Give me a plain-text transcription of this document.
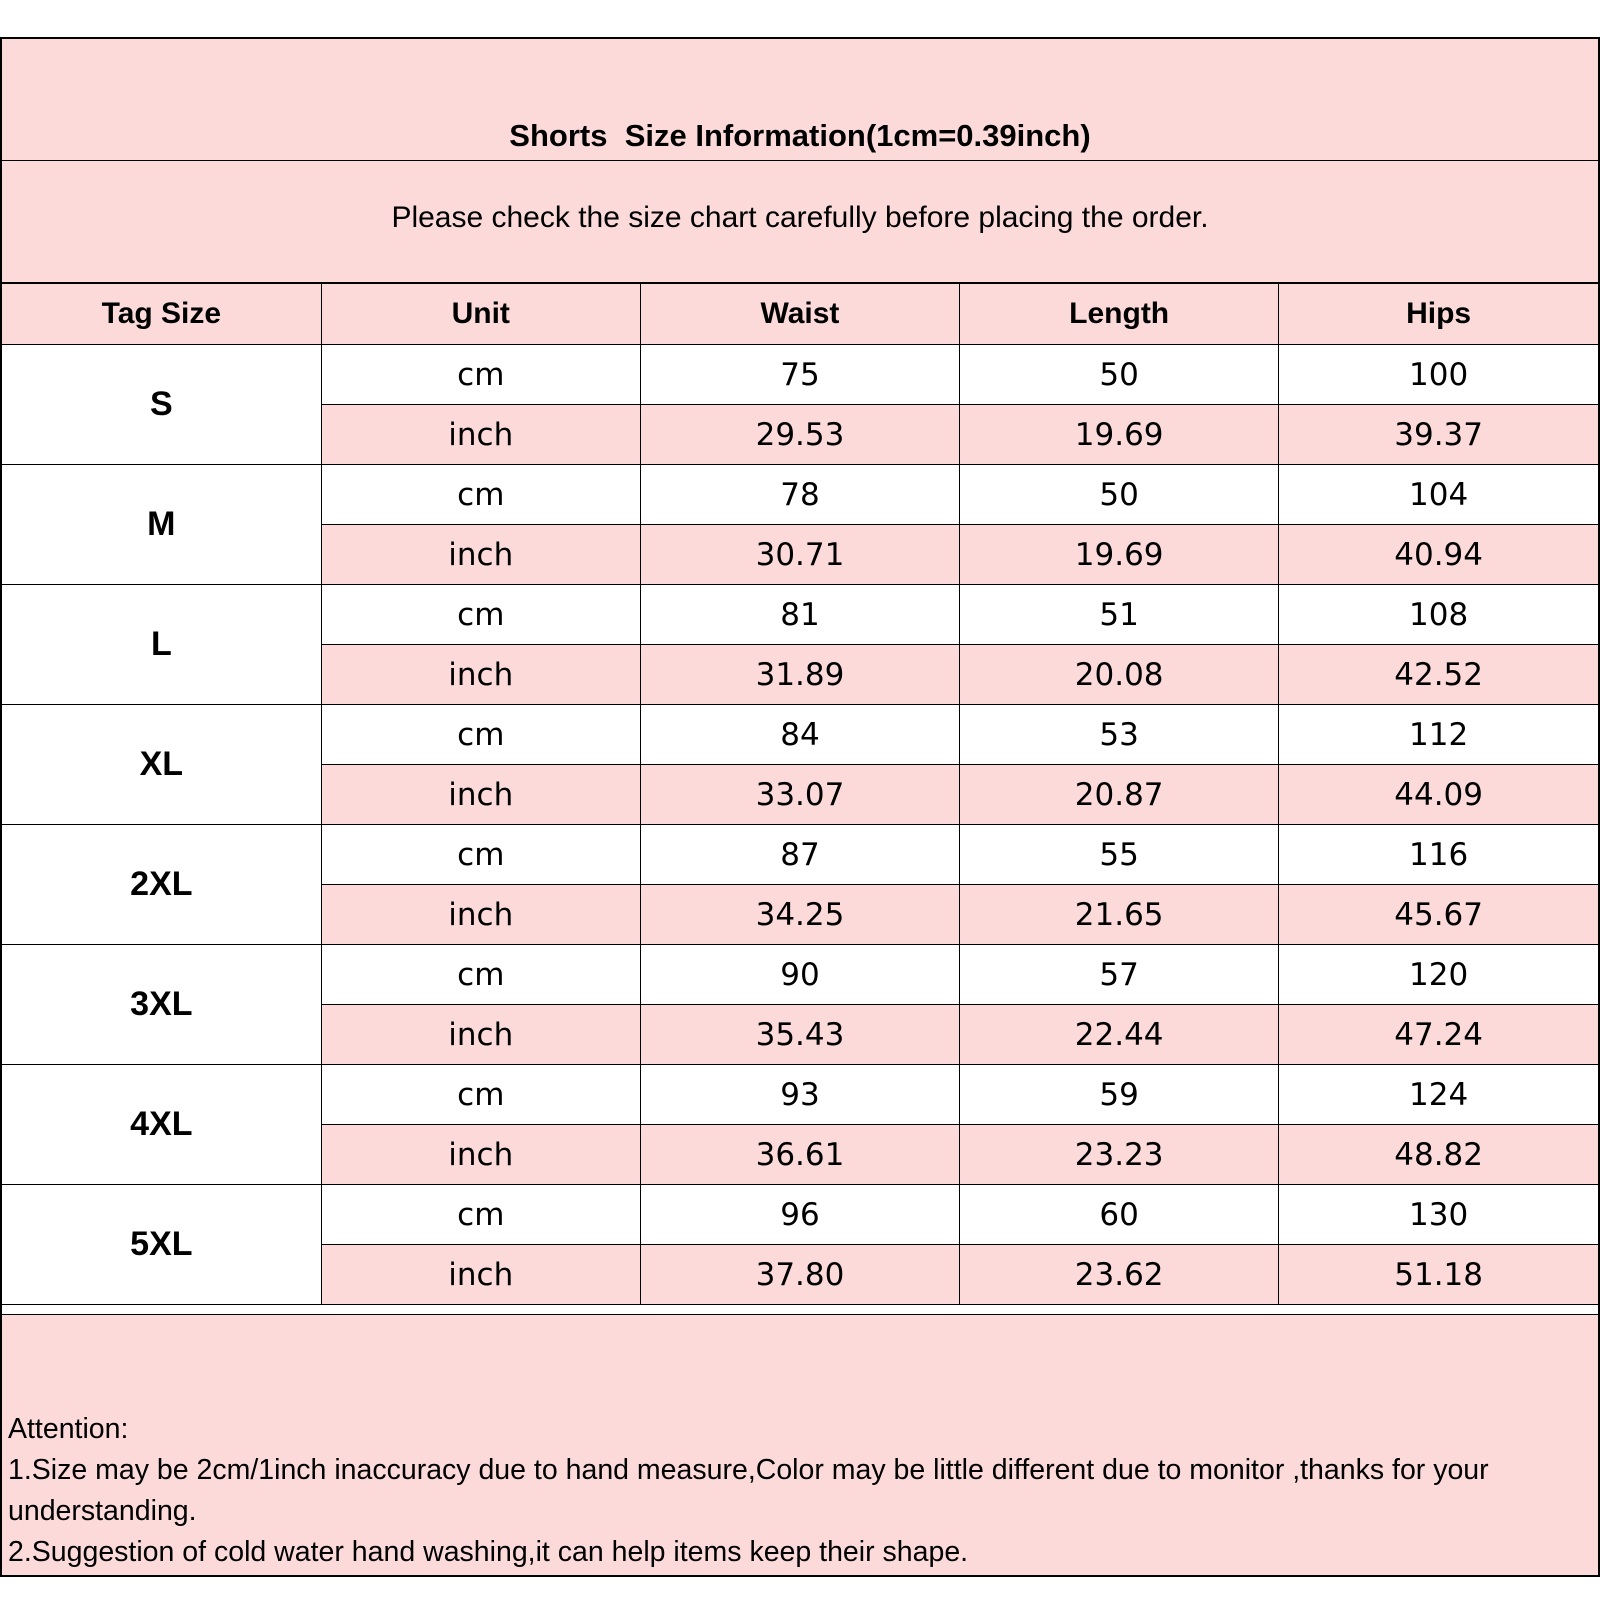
Shorts  Size Information(1cm=0.39inch)
Please check the size chart carefully before placing the order.
Tag Size	Unit	Waist	Length	Hips
S	cm	75	50	100
	inch	29.53	19.69	39.37
M	cm	78	50	104
	inch	30.71	19.69	40.94
L	cm	81	51	108
	inch	31.89	20.08	42.52
XL	cm	84	53	112
	inch	33.07	20.87	44.09
2XL	cm	87	55	116
	inch	34.25	21.65	45.67
3XL	cm	90	57	120
	inch	35.43	22.44	47.24
4XL	cm	93	59	124
	inch	36.61	23.23	48.82
5XL	cm	96	60	130
	inch	37.80	23.62	51.18
Attention:
1.Size may be 2cm/1inch inaccuracy due to hand measure,Color may be little different due to monitor ,thanks for your understanding.
2.Suggestion of cold water hand washing,it can help items keep their shape.
